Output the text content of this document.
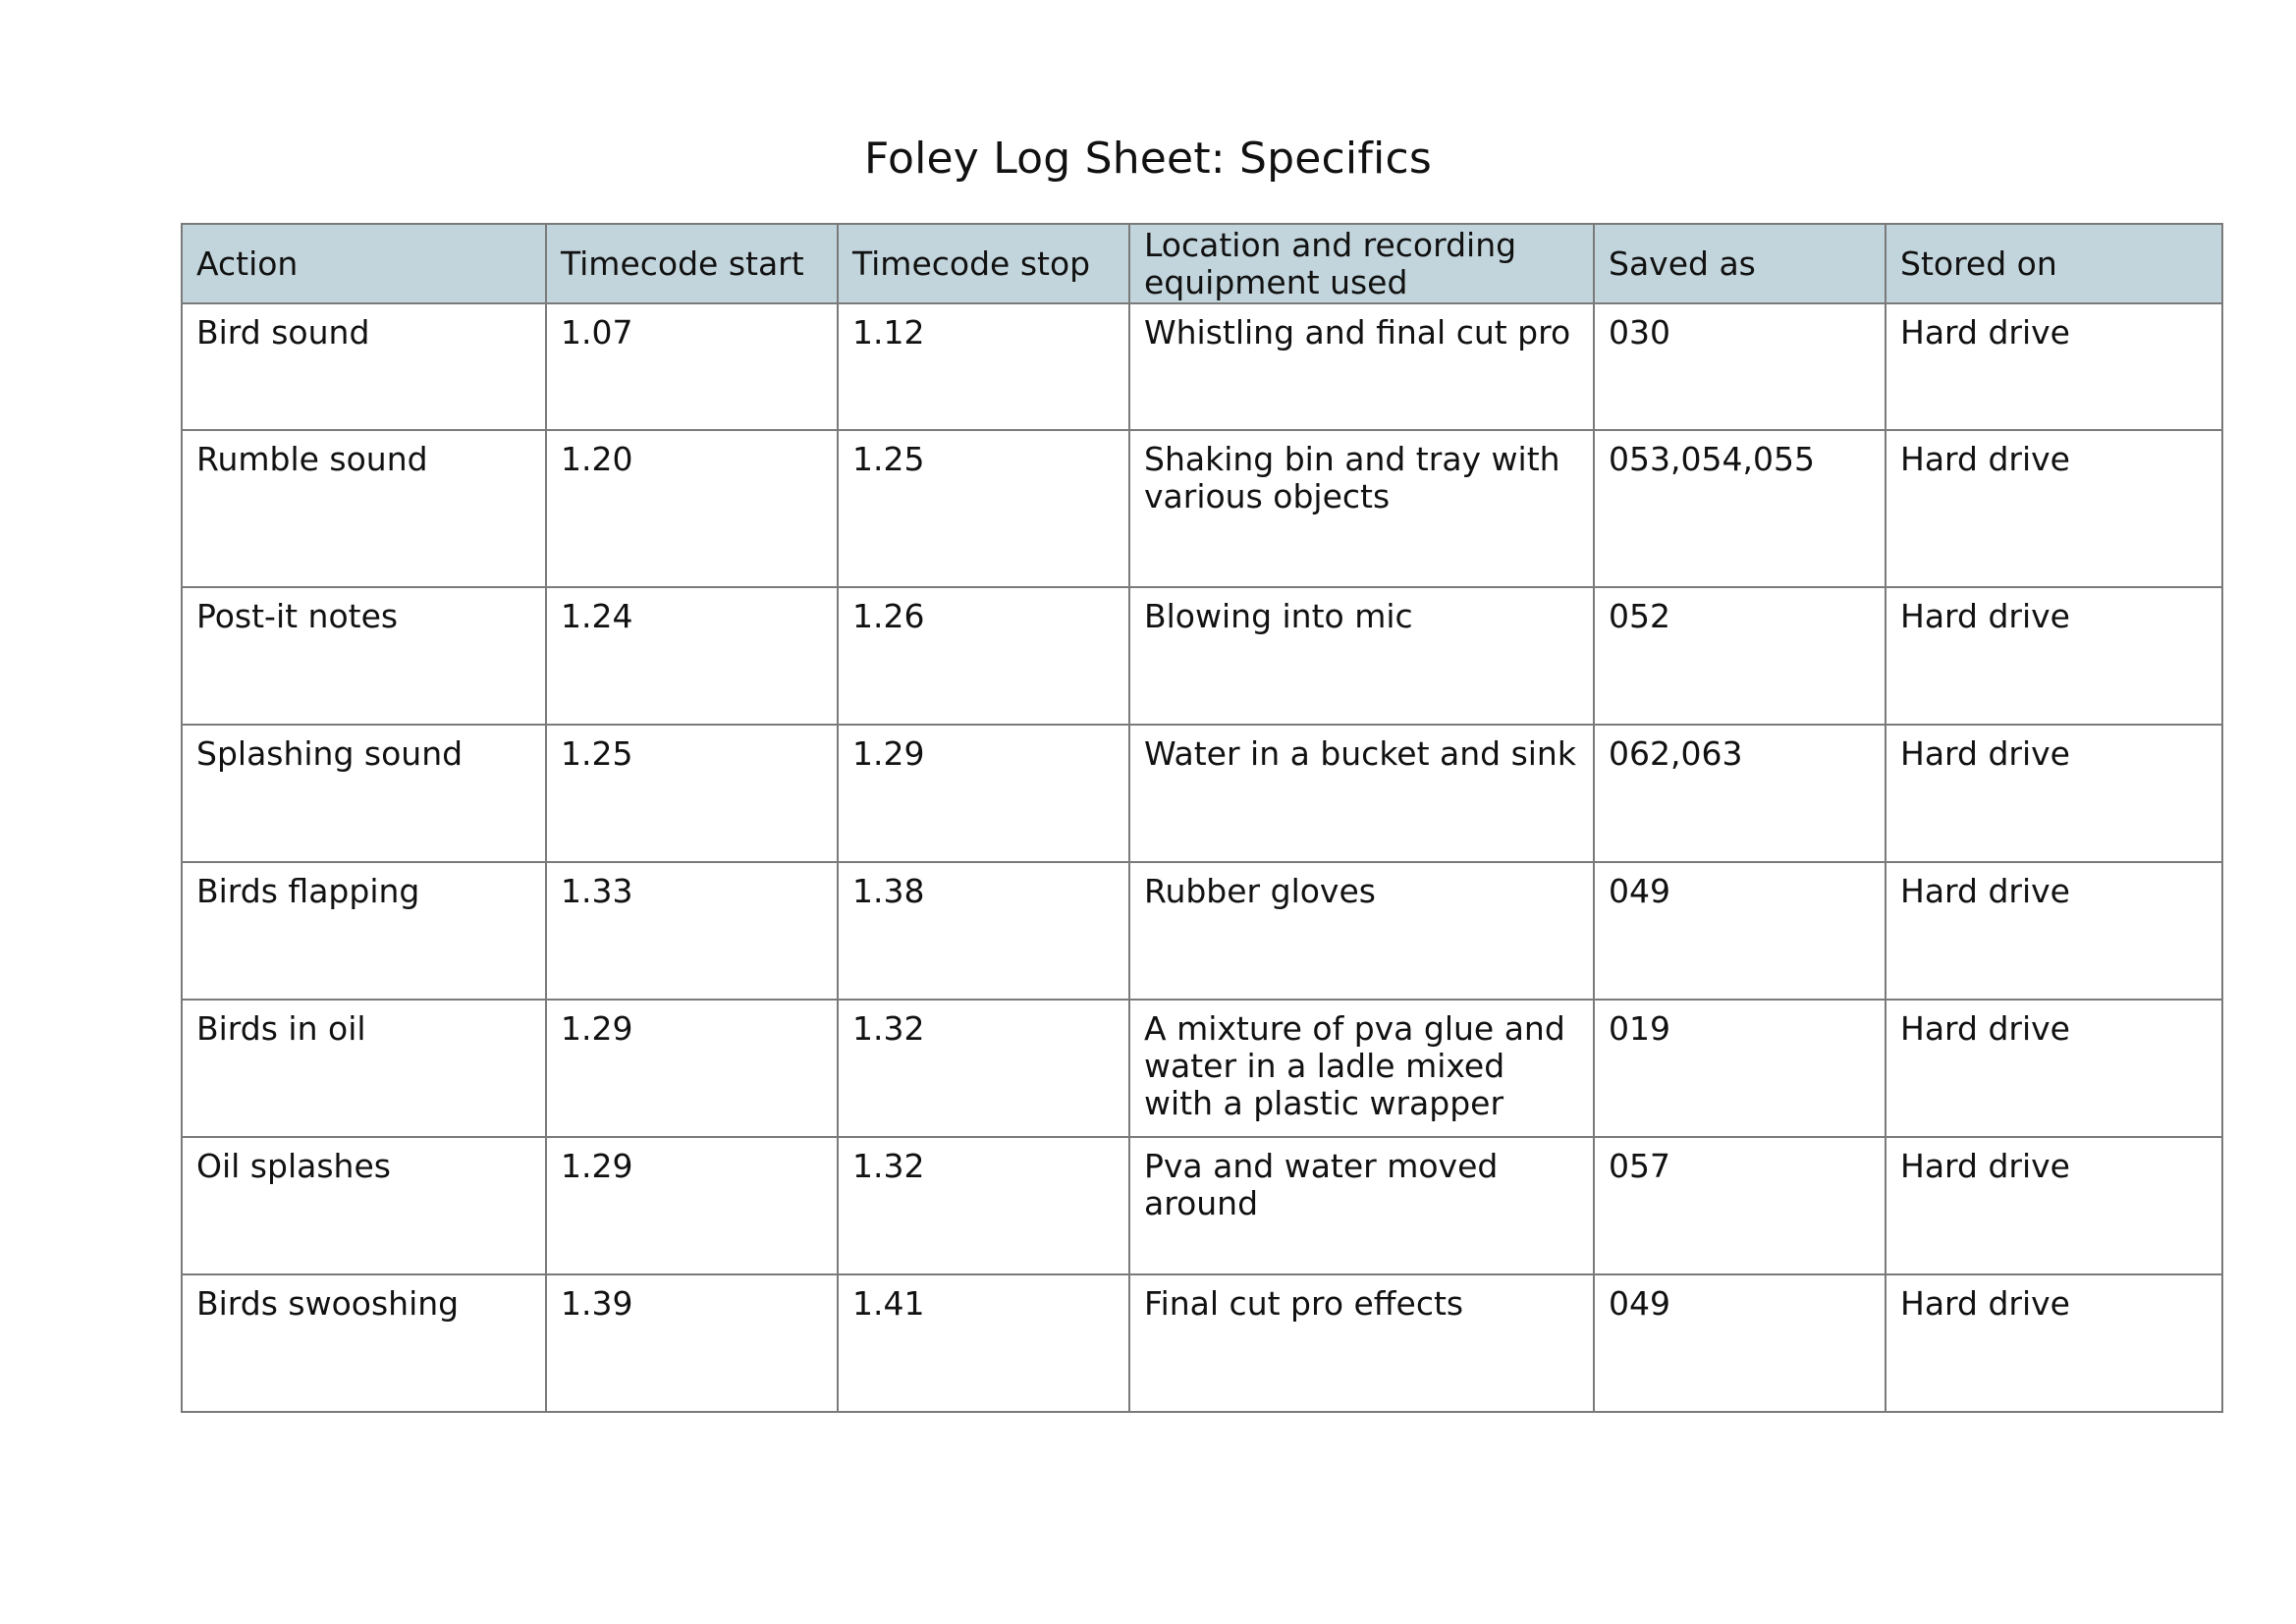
Foley Log Sheet: Specifics
Action	Timecode start	Timecode stop	Location and recording equipment used	Saved as	Stored on
Bird sound	1.07	1.12	Whistling and final cut pro	030	Hard drive
Rumble sound	1.20	1.25	Shaking bin and tray with various objects	053,054,055	Hard drive
Post-it notes	1.24	1.26	Blowing into mic	052	Hard drive
Splashing sound	1.25	1.29	Water in a bucket and sink	062,063	Hard drive
Birds flapping	1.33	1.38	Rubber gloves	049	Hard drive
Birds in oil	1.29	1.32	A mixture of pva glue and water in a ladle mixed with a plastic wrapper	019	Hard drive
Oil splashes	1.29	1.32	Pva and water moved around	057	Hard drive
Birds swooshing	1.39	1.41	Final cut pro effects	049	Hard drive
